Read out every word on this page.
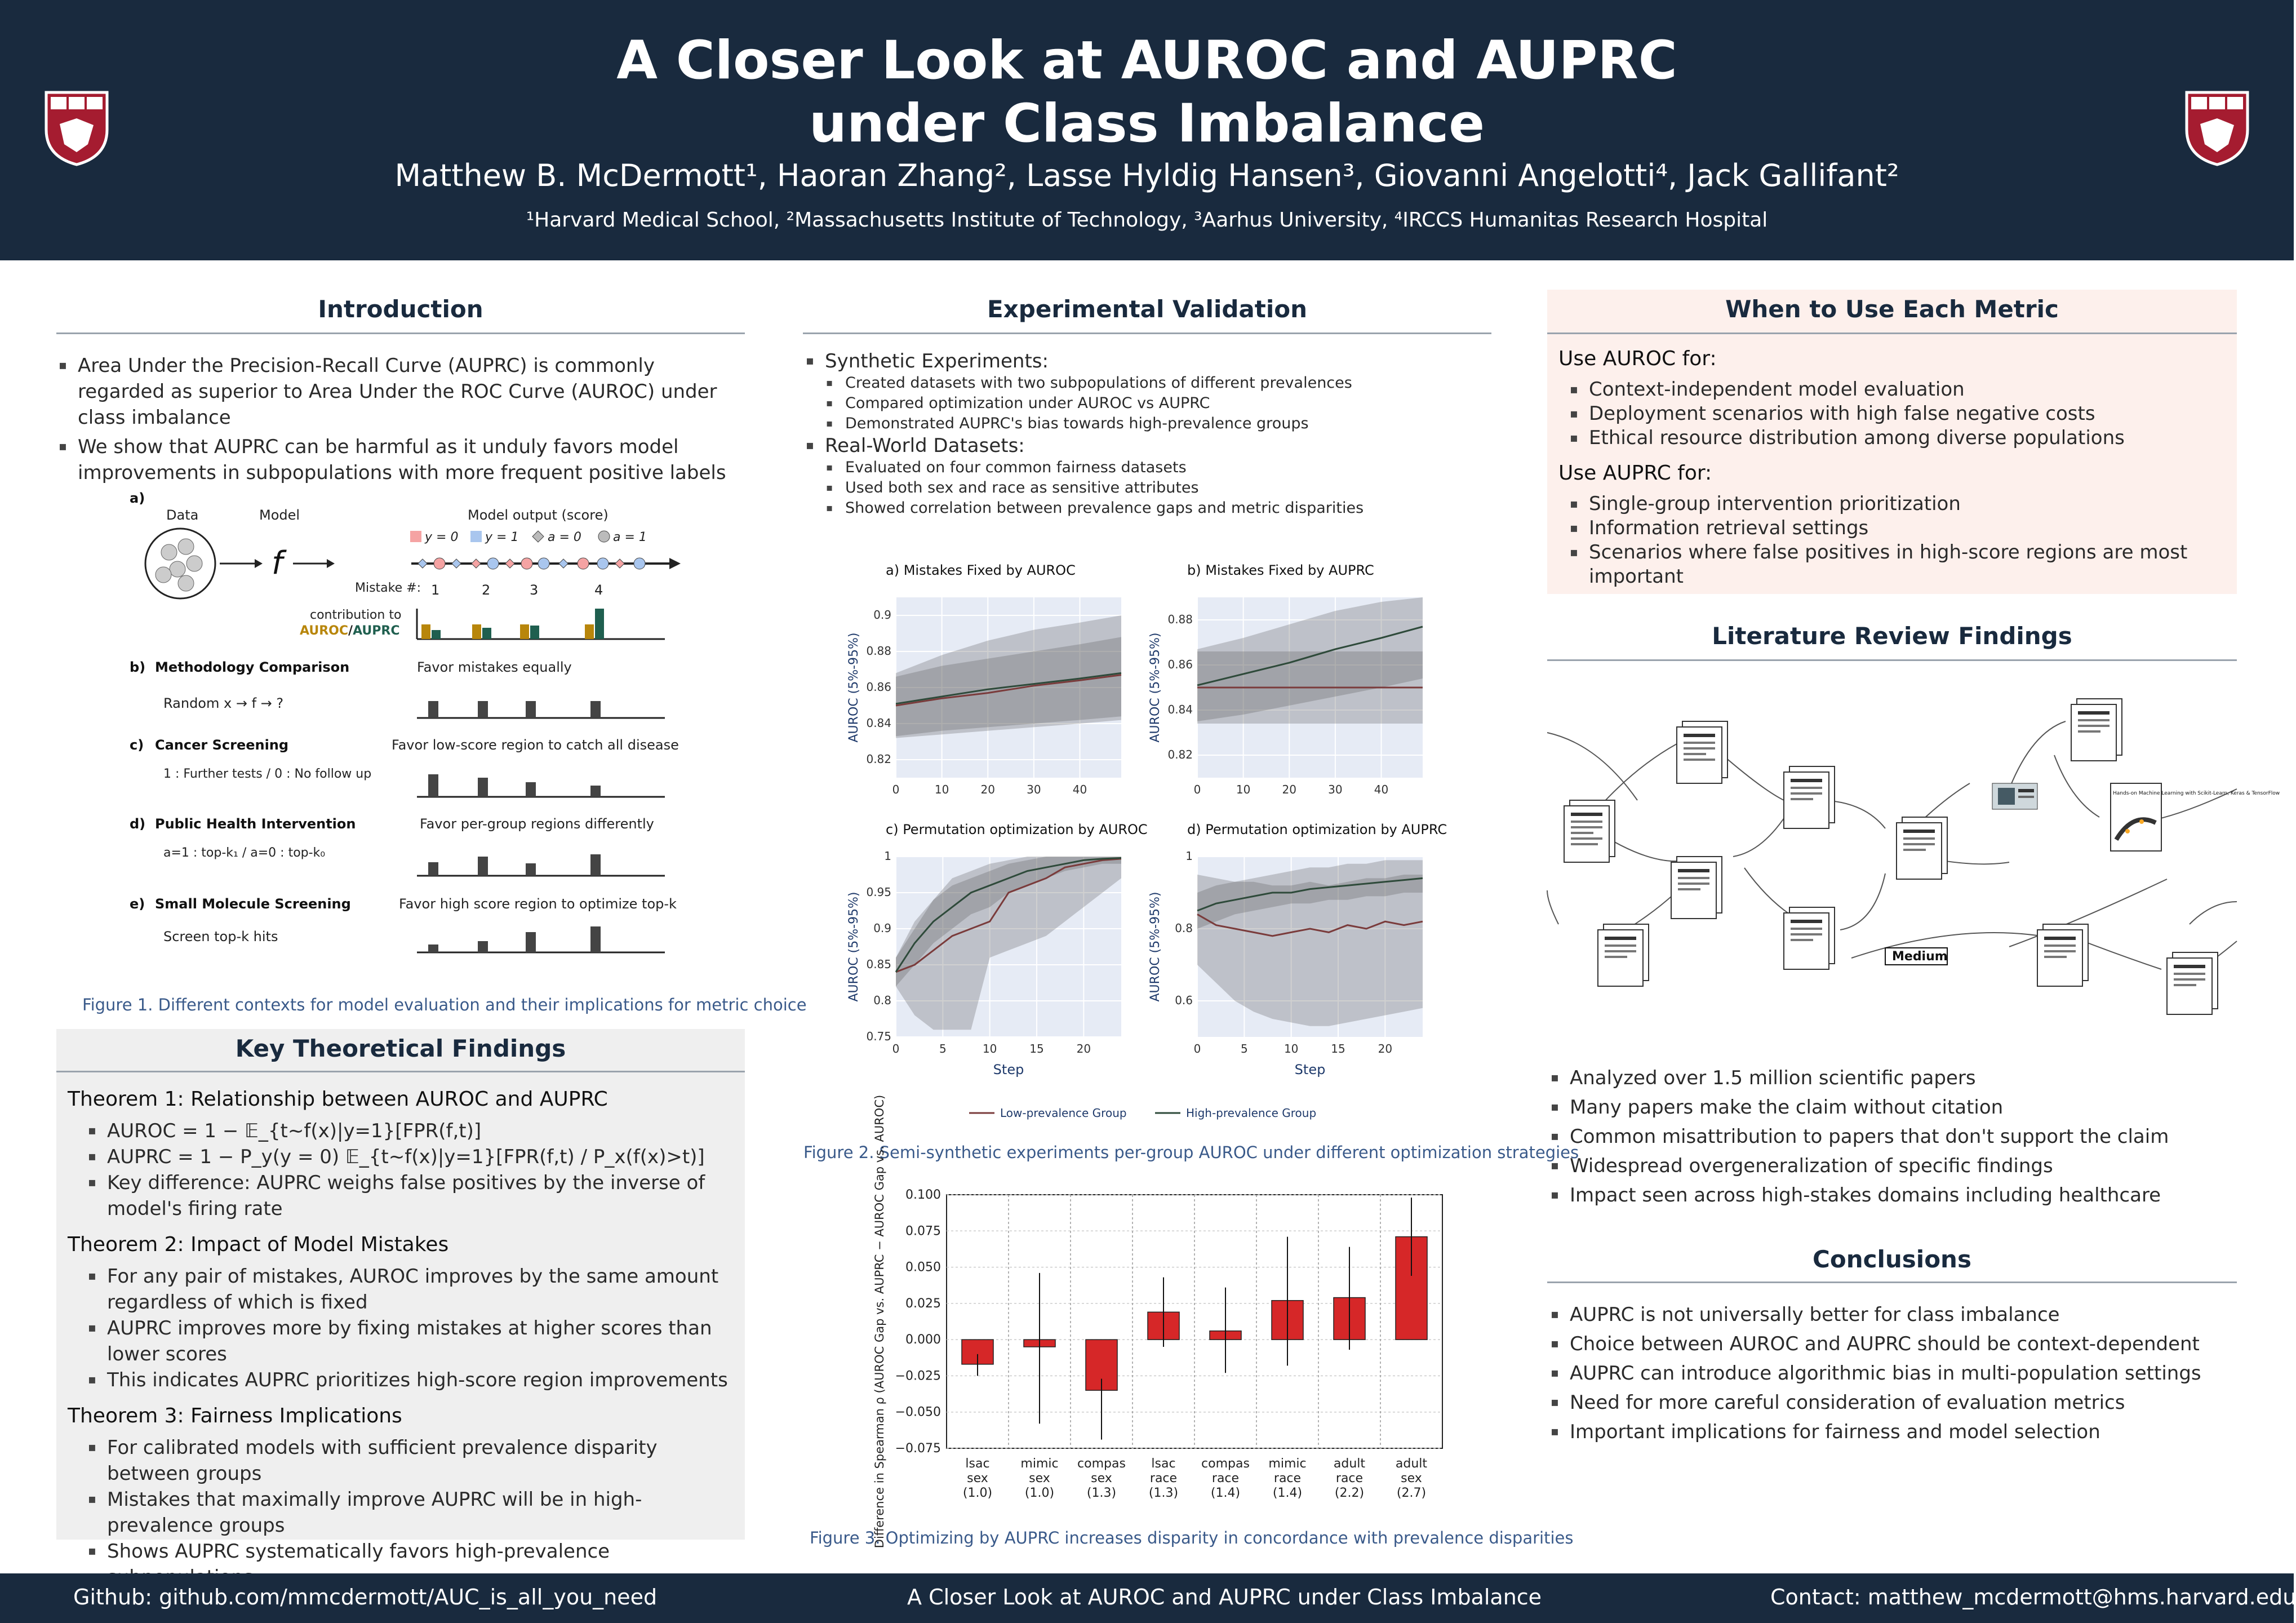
A Closer Look at AUROC and AUPRC
under Class Imbalance
Matthew B. McDermott¹, Haoran Zhang², Lasse Hyldig Hansen³, Giovanni Angelotti⁴, Jack Gallifant²
¹Harvard Medical School, ²Massachusetts Institute of Technology, ³Aarhus University, ⁴IRCCS Humanitas Research Hospital
Introduction
▪ Area Under the Precision-Recall Curve (AUPRC) is commonly regarded as superior to Area Under the ROC Curve (AUROC) under class imbalance
▪ We show that AUPRC can be harmful as it unduly favors model improvements in subpopulations with more frequent positive labels
a)
Data	Model	Model output (score)
f
y = 0 y = 1 a = 0	a = 1
Mistake #: 1	2	3	4
contribution to
AUROC/AUPRC
b) Methodology Comparison	Favor mistakes equally
Random x → f → ?
c) Cancer Screening	Favor low-score region to catch all disease
1 : Further tests / 0 : No follow up
d) Public Health Intervention	Favor per-group regions differently
a=1 : top-k₁ / a=0 : top-k₀
e) Small Molecule Screening	Favor high score region to optimize top-k
Screen top-k hits
Figure 1. Different contexts for model evaluation and their implications for metric choice
Key Theoretical Findings
Theorem 1: Relationship between AUROC and AUPRC
▪ AUROC = 1 − 𝔼_{t∼f(x)|y=1}[FPR(f,t)]
▪ AUPRC = 1 − P_y(y = 0) 𝔼_{t∼f(x)|y=1}[FPR(f,t) / P_x(f(x)>t)]
▪ Key difference: AUPRC weighs false positives by the inverse of model's firing rate
Theorem 2: Impact of Model Mistakes
▪ For any pair of mistakes, AUROC improves by the same amount regardless of which is fixed
▪ AUPRC improves more by fixing mistakes at higher scores than lower scores
▪ This indicates AUPRC prioritizes high-score region improvements
Theorem 3: Fairness Implications
▪ For calibrated models with sufficient prevalence disparity between groups
▪ Mistakes that maximally improve AUPRC will be in high-prevalence groups
▪ Shows AUPRC systematically favors high-prevalence
Experimental Validation
▪ Synthetic Experiments:
▪ Created datasets with two subpopulations of different prevalences
▪ Compared optimization under AUROC vs AUPRC
▪ Demonstrated AUPRC's bias towards high-prevalence groups
▪ Real-World Datasets:
▪ Evaluated on four common fairness datasets
▪ Used both sex and race as sensitive attributes
▪ Showed correlation between prevalence gaps and metric disparities
0.82
0.84
0.86
0.88
0.9
0	10	20	30	40
a) Mistakes Fixed by AUROC
AUROC (5%-95%)
0.82
0.84
0.86
0.88
0	10	20	30	40
b) Mistakes Fixed by AUPRC
AUROC (5%-95%)
0.75
0.8
0.85
0.9
0.95
1
0	5	10	15	20
c) Permutation optimization by AUROC
AUROC (5%-95%)
Step
0.6
0.8
1
0	5	10	15	20
d) Permutation optimization by AUPRC
AUROC (5%-95%)
Step
Low-prevalence Group	High-prevalence Group
Figure 2. Semi-synthetic experiments per-group AUROC under different optimization strategies
−0.075
−0.050
−0.025
0.000
0.025
0.050
0.075
0.100
lsac
sex
(1.0)
mimic
sex
(1.0)
compas
sex
(1.3)
lsac
race
(1.3)
compas
race
(1.4)
mimic
race
(1.4)
adult
race
(2.2)
adult
sex
(2.7)
Difference in Spearman ρ (AUROC Gap vs. AUPRC − AUROC Gap vs. AUROC)
Figure 3. Optimizing by AUPRC increases disparity in concordance with prevalence disparities
When to Use Each Metric
Use AUROC for:
▪ Context-independent model evaluation
▪ Deployment scenarios with high false negative costs
▪ Ethical resource distribution among diverse populations
Use AUPRC for:
▪ Single-group intervention prioritization
▪ Information retrieval settings
▪ Scenarios where false positives in high-score regions are most important
Literature Review Findings
Hands-on Machine Learning with Scikit-Learn, Keras & TensorFlow
Medium
▪ Analyzed over 1.5 million scientific papers
▪ Many papers make the claim without citation
▪ Common misattribution to papers that don't support the claim
▪ Widespread overgeneralization of specific findings
▪ Impact seen across high-stakes domains including healthcare
Conclusions
▪ AUPRC is not universally better for class imbalance
▪ Choice between AUROC and AUPRC should be context-dependent
▪ AUPRC can introduce algorithmic bias in multi-population settings
▪ Need for more careful consideration of evaluation metrics
▪ Important implications for fairness and model selection
Github: github.com/mmcdermott/AUC_is_all_you_need	A Closer Look at AUROC and AUPRC under Class Imbalance	Contact: matthew_mcdermott@hms.harvard.edu
